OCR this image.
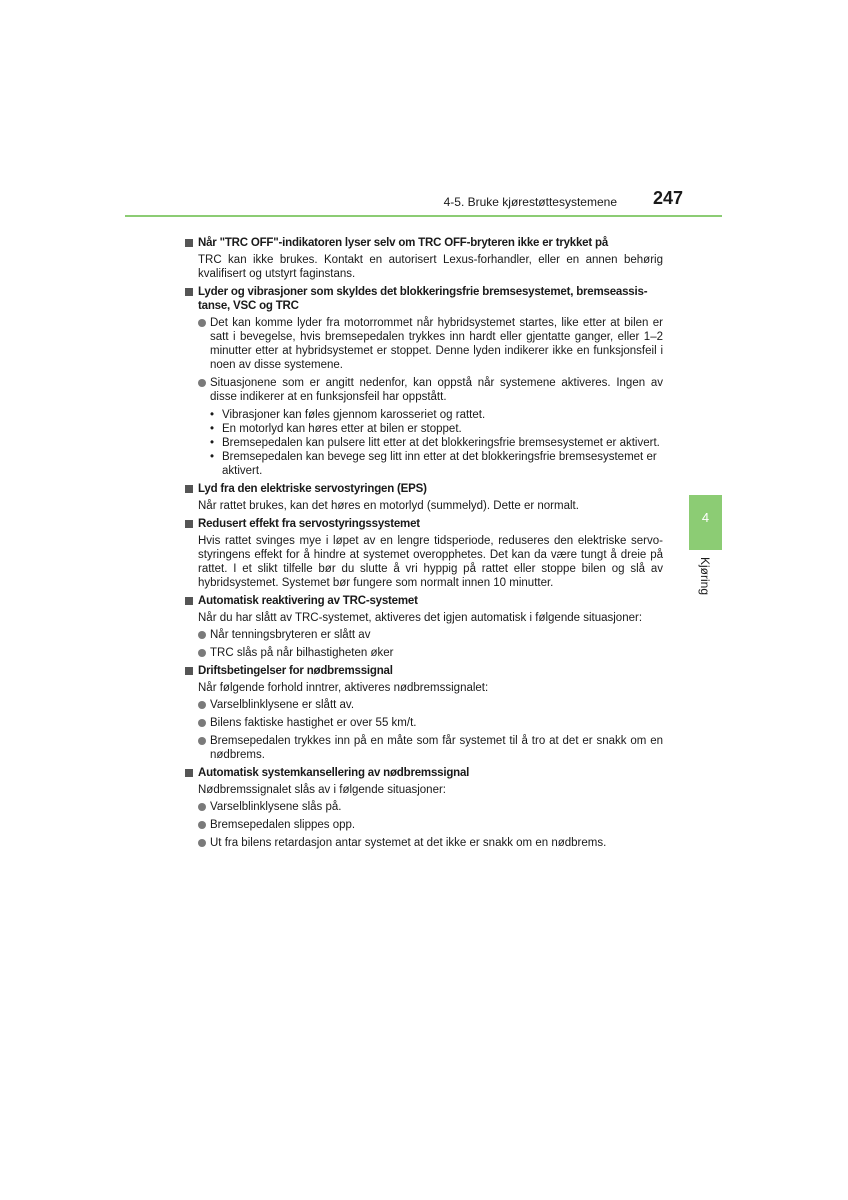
4-5. Bruke kjørestøttesystemene 247
4
Kjøring
Når "TRC OFF"-indikatoren lyser selv om TRC OFF-bryteren ikke er trykket på
TRC kan ikke brukes. Kontakt en autorisert Lexus-forhandler, eller en annen behørig kvalifisert og utstyrt faginstans.
Lyder og vibrasjoner som skyldes det blokkeringsfrie bremsesystemet, bremseassis-tanse, VSC og TRC
Det kan komme lyder fra motorrommet når hybridsystemet startes, like etter at bilen er satt i bevegelse, hvis bremsepedalen trykkes inn hardt eller gjentatte ganger, eller 1–2 minutter etter at hybridsystemet er stoppet. Denne lyden indikerer ikke en funksjonsfeil i noen av disse systemene.
Situasjonene som er angitt nedenfor, kan oppstå når systemene aktiveres. Ingen av disse indikerer at en funksjonsfeil har oppstått.
• Vibrasjoner kan føles gjennom karosseriet og rattet.
• En motorlyd kan høres etter at bilen er stoppet.
• Bremsepedalen kan pulsere litt etter at det blokkeringsfrie bremsesystemet er aktivert.
• Bremsepedalen kan bevege seg litt inn etter at det blokkeringsfrie bremsesystemet er aktivert.
Lyd fra den elektriske servostyringen (EPS)
Når rattet brukes, kan det høres en motorlyd (summelyd). Dette er normalt.
Redusert effekt fra servostyringssystemet
Hvis rattet svinges mye i løpet av en lengre tidsperiode, reduseres den elektriske servo-styringens effekt for å hindre at systemet overopphetes. Det kan da være tungt å dreie på rattet. I et slikt tilfelle bør du slutte å vri hyppig på rattet eller stoppe bilen og slå av hybridsystemet. Systemet bør fungere som normalt innen 10 minutter.
Automatisk reaktivering av TRC-systemet
Når du har slått av TRC-systemet, aktiveres det igjen automatisk i følgende situasjoner:
Når tenningsbryteren er slått av
TRC slås på når bilhastigheten øker
Driftsbetingelser for nødbremssignal
Når følgende forhold inntrer, aktiveres nødbremssignalet:
Varselblinklysene er slått av.
Bilens faktiske hastighet er over 55 km/t.
Bremsepedalen trykkes inn på en måte som får systemet til å tro at det er snakk om en nødbrems.
Automatisk systemkansellering av nødbremssignal
Nødbremssignalet slås av i følgende situasjoner:
Varselblinklysene slås på.
Bremsepedalen slippes opp.
Ut fra bilens retardasjon antar systemet at det ikke er snakk om en nødbrems.
